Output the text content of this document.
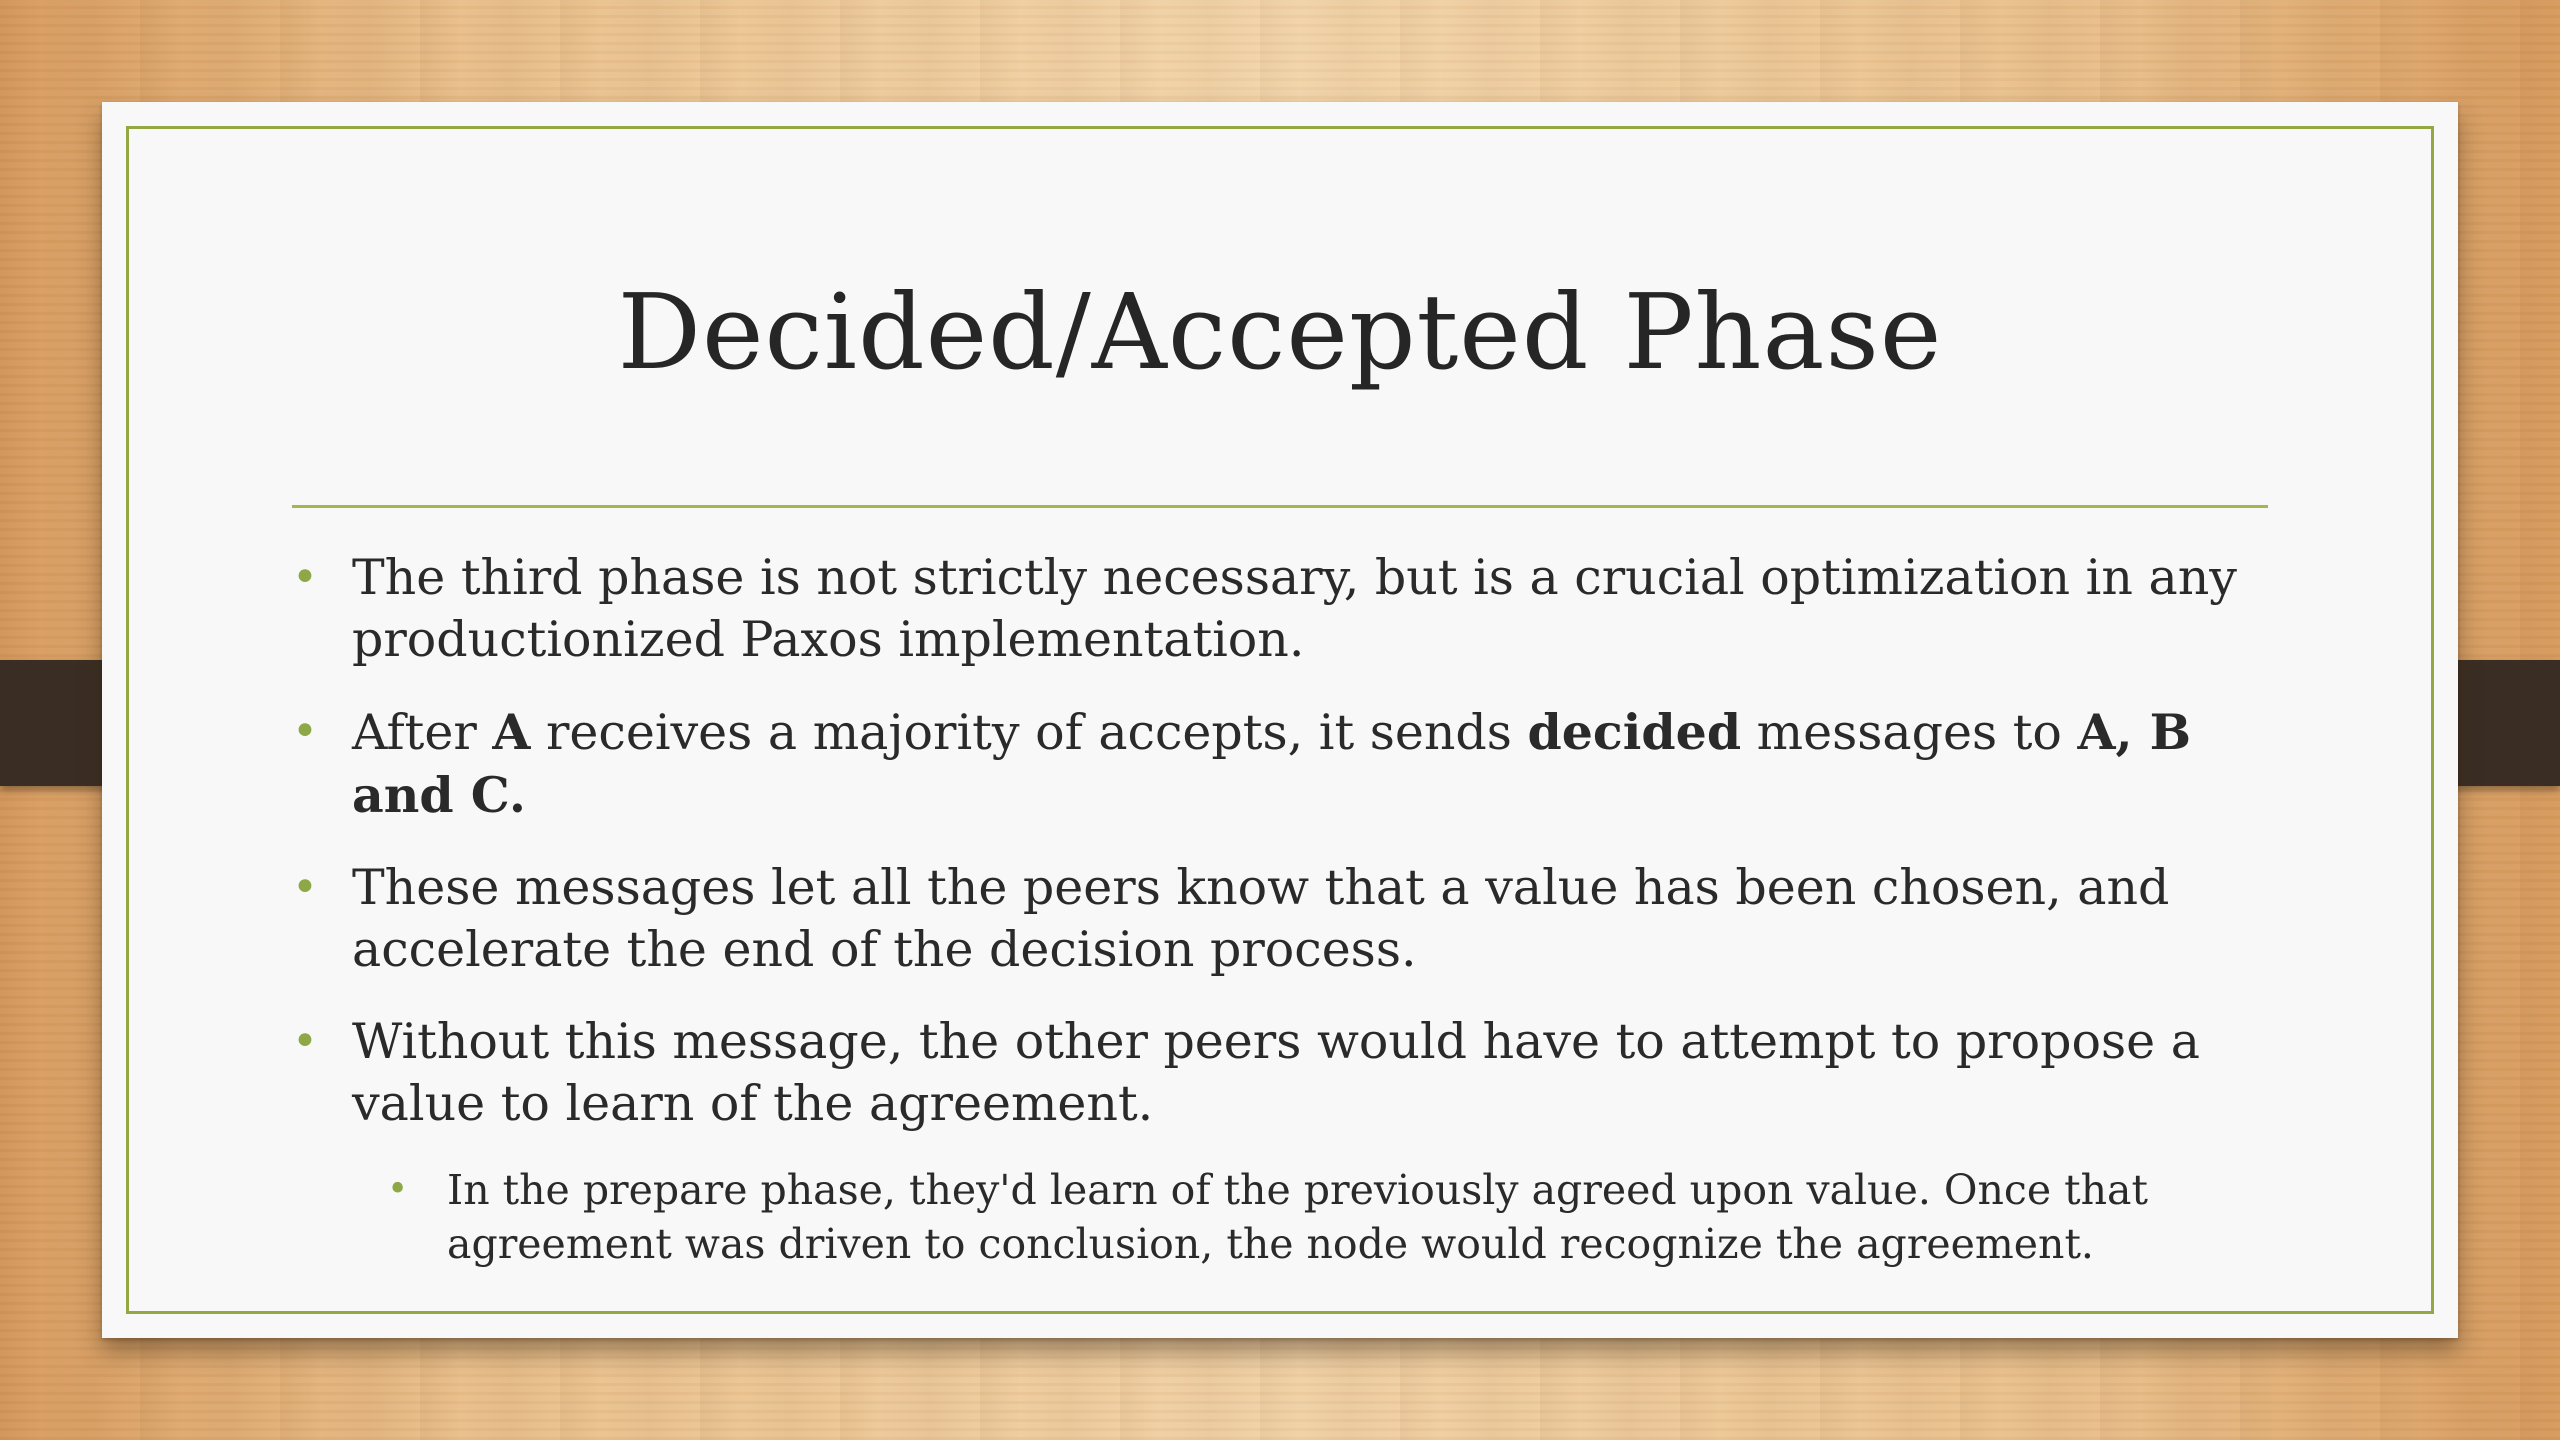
Decided/Accepted Phase
• The third phase is not strictly necessary, but is a crucial optimization in any productionized Paxos implementation.
• After A receives a majority of accepts, it sends decided messages to A, B and C.
• These messages let all the peers know that a value has been chosen, and accelerate the end of the decision process.
• Without this message, the other peers would have to attempt to propose a value to learn of the agreement.
• In the prepare phase, they'd learn of the previously agreed upon value. Once that agreement was driven to conclusion, the node would recognize the agreement.
